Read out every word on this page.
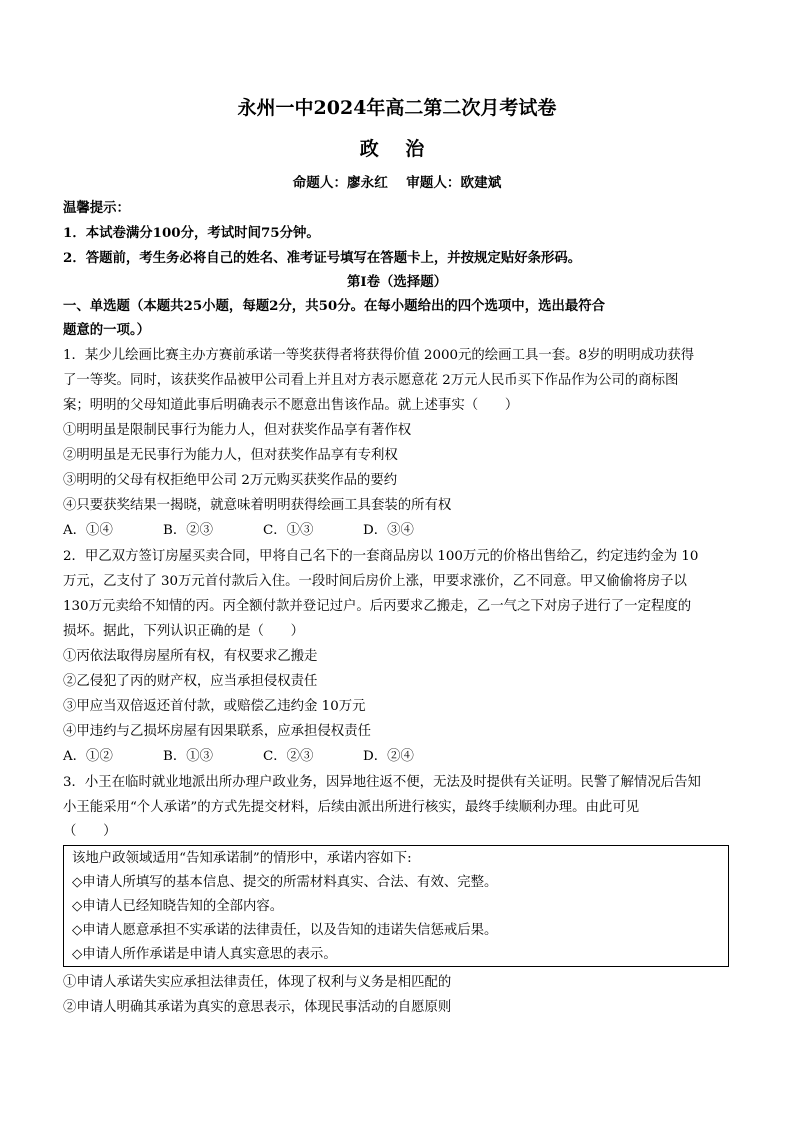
永州一中2024年高二第二次月考试卷
政 治
命题人：廖永红　 审题人：欧建斌
温馨提示：
1．本试卷满分100分，考试时间75分钟。
2．答题前，考生务必将自己的姓名、准考证号填写在答题卡上，并按规定贴好条形码。
第Ⅰ卷（选择题）
一、单选题（本题共25小题，每题2分，共50分。在每小题给出的四个选项中，选出最符合
题意的一项。）
1．某少儿绘画比赛主办方赛前承诺一等奖获得者将获得价值 2000元的绘画工具一套。8岁的明明成功获得
了一等奖。同时，该获奖作品被甲公司看上并且对方表示愿意花 2万元人民币买下作品作为公司的商标图
案；明明的父母知道此事后明确表示不愿意出售该作品。就上述事实（　　）
①明明虽是限制民事行为能力人，但对获奖作品享有著作权
②明明虽是无民事行为能力人，但对获奖作品享有专利权
③明明的父母有权拒绝甲公司 2万元购买获奖作品的要约
④只要获奖结果一揭晓，就意味着明明获得绘画工具套装的所有权
A．①④	B．②③	C．①③	D．③④
2．甲乙双方签订房屋买卖合同，甲将自己名下的一套商品房以 100万元的价格出售给乙，约定违约金为 10
万元，乙支付了 30万元首付款后入住。一段时间后房价上涨，甲要求涨价，乙不同意。甲又偷偷将房子以
130万元卖给不知情的丙。丙全额付款并登记过户。后丙要求乙搬走，乙一气之下对房子进行了一定程度的
损坏。据此，下列认识正确的是（　　）
①丙依法取得房屋所有权，有权要求乙搬走
②乙侵犯了丙的财产权，应当承担侵权责任
③甲应当双倍返还首付款，或赔偿乙违约金 10万元
④甲违约与乙损坏房屋有因果联系，应承担侵权责任
A．①②	B．①③	C．②③	D．②④
3．小王在临时就业地派出所办理户政业务，因异地往返不便，无法及时提供有关证明。民警了解情况后告知
小王能采用“个人承诺”的方式先提交材料，后续由派出所进行核实，最终手续顺利办理。由此可见
（　　）
该地户政领域适用“告知承诺制”的情形中，承诺内容如下:
◇申请人所填写的基本信息、提交的所需材料真实、合法、有效、完整。
◇申请人已经知晓告知的全部内容。
◇申请人愿意承担不实承诺的法律责任，以及告知的违诺失信惩戒后果。
◇申请人所作承诺是申请人真实意思的表示。
①申请人承诺失实应承担法律责任，体现了权利与义务是相匹配的
②申请人明确其承诺为真实的意思表示，体现民事活动的自愿原则
